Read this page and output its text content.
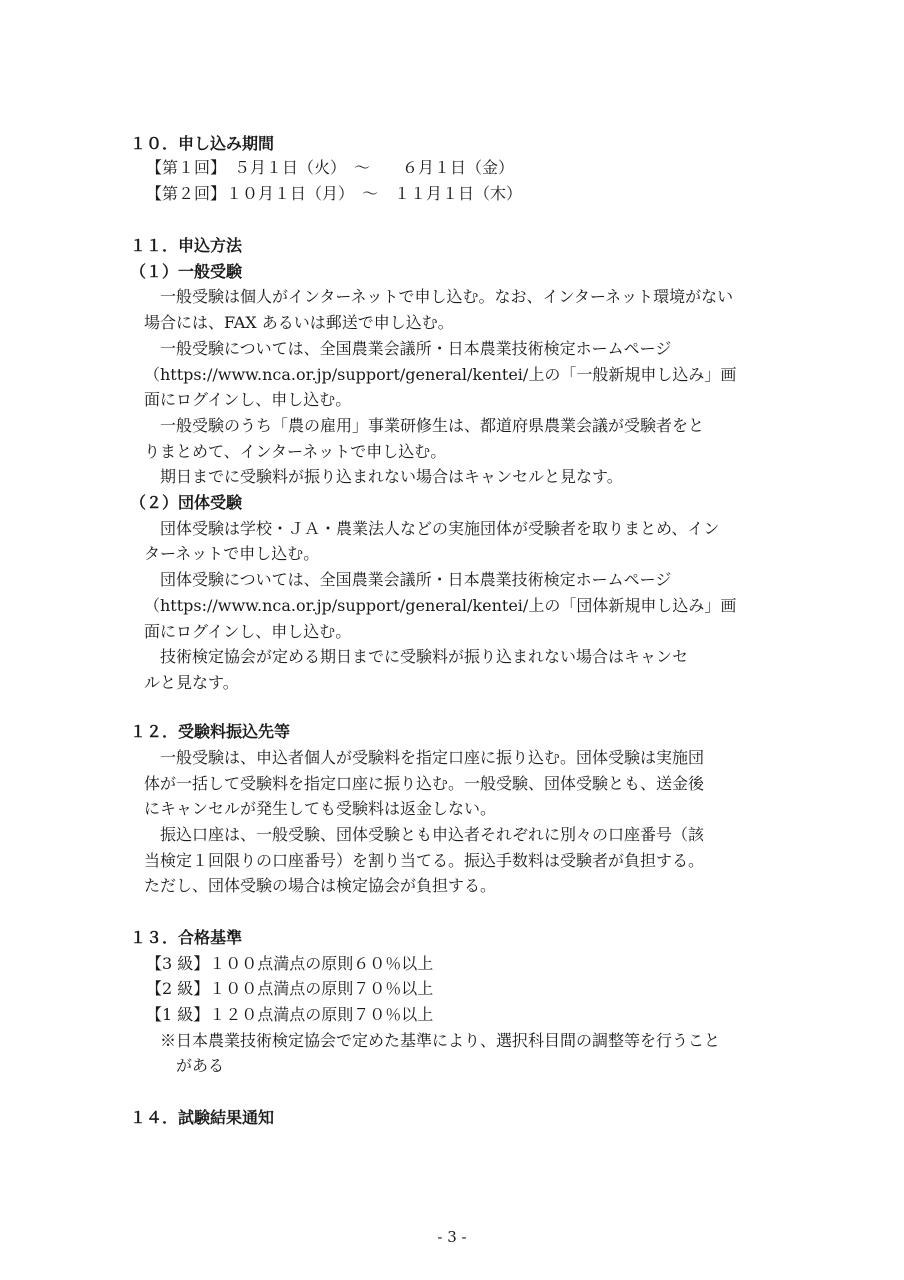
１０．申し込み期間
【第１回】　５月１日（火）　～　　６月１日（金）
【第２回】１０月１日（月）　～　１１月１日（木）
１１．申込方法
（１）一般受験
一般受験は個人がインターネットで申し込む。なお、インターネット環境がない
場合には、FAX あるいは郵送で申し込む。
一般受験については、全国農業会議所・日本農業技術検定ホームページ
（https://www.nca.or.jp/support/general/kentei/上の「一般新規申し込み」画
面にログインし、申し込む。
一般受験のうち「農の雇用」事業研修生は、都道府県農業会議が受験者をと
りまとめて、インターネットで申し込む。
期日までに受験料が振り込まれない場合はキャンセルと見なす。
（２）団体受験
団体受験は学校・ＪＡ・農業法人などの実施団体が受験者を取りまとめ、イン
ターネットで申し込む。
団体受験については、全国農業会議所・日本農業技術検定ホームページ
（https://www.nca.or.jp/support/general/kentei/上の「団体新規申し込み」画
面にログインし、申し込む。
技術検定協会が定める期日までに受験料が振り込まれない場合はキャンセ
ルと見なす。
１２．受験料振込先等
一般受験は、申込者個人が受験料を指定口座に振り込む。団体受験は実施団
体が一括して受験料を指定口座に振り込む。一般受験、団体受験とも、送金後
にキャンセルが発生しても受験料は返金しない。
振込口座は、一般受験、団体受験とも申込者それぞれに別々の口座番号（該
当検定１回限りの口座番号）を割り当てる。振込手数料は受験者が負担する。
ただし、団体受験の場合は検定協会が負担する。
１３．合格基準
【3 級】１００点満点の原則６０％以上
【2 級】１００点満点の原則７０％以上
【1 級】１２０点満点の原則７０％以上
※日本農業技術検定協会で定めた基準により、選択科目間の調整等を行うこと
がある
１４．試験結果通知
- 3 -
